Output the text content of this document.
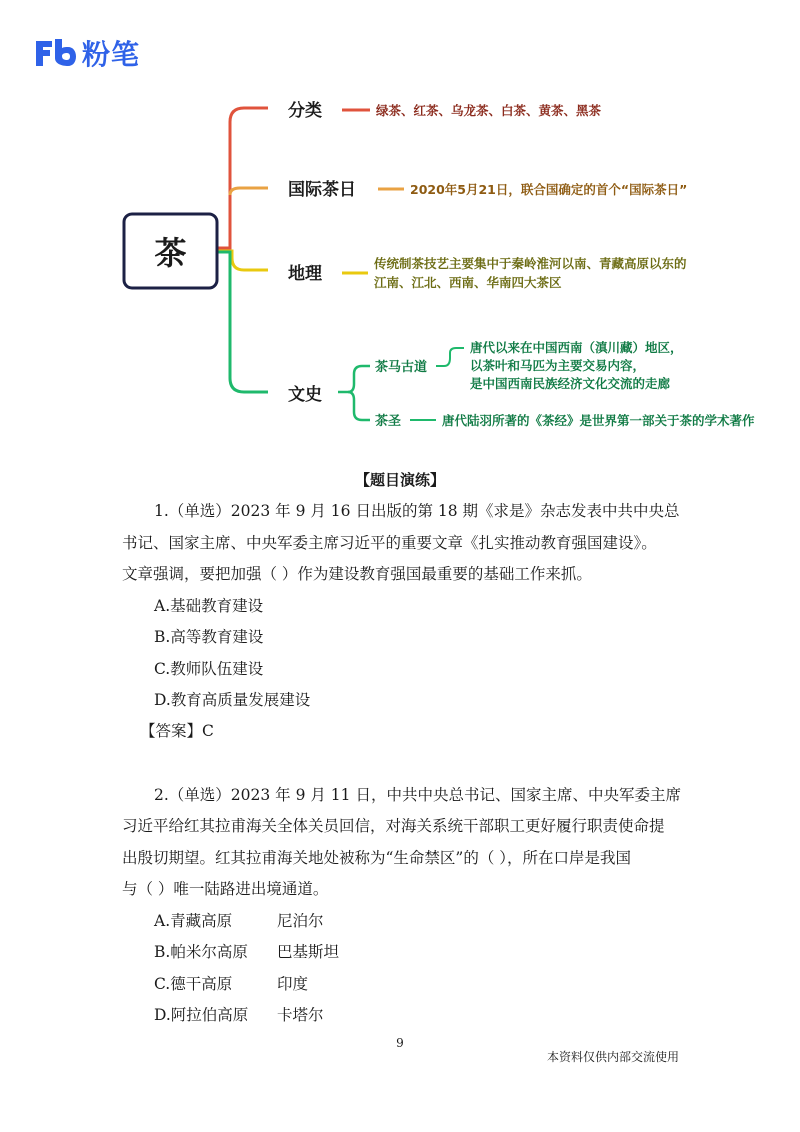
粉笔
茶
分类	绿茶、红茶、乌龙茶、白茶、黄茶、黑茶
国际茶日	2020年5月21日，联合国确定的首个“国际茶日”
地理
传统制茶技艺主要集中于秦岭淮河以南、青藏高原以东的
江南、江北、西南、华南四大茶区
文史
茶马古道
唐代以来在中国西南（滇川藏）地区，
以茶叶和马匹为主要交易内容，
是中国西南民族经济文化交流的走廊
茶圣	唐代陆羽所著的《茶经》是世界第一部关于茶的学术著作
【题目演练】
1.（单选）2023 年 9 月 16 日出版的第 18 期《求是》杂志发表中共中央总
书记、国家主席、中央军委主席习近平的重要文章《扎实推动教育强国建设》。
文章强调，要把加强（ ）作为建设教育强国最重要的基础工作来抓。
A.基础教育建设
B.高等教育建设
C.教师队伍建设
D.教育高质量发展建设
【答案】C
2.（单选）2023 年 9 月 11 日，中共中央总书记、国家主席、中央军委主席
习近平给红其拉甫海关全体关员回信，对海关系统干部职工更好履行职责使命提
出殷切期望。红其拉甫海关地处被称为“生命禁区”的（ ），所在口岸是我国
与（ ）唯一陆路进出境通道。
A.青藏高原	尼泊尔
B.帕米尔高原 巴基斯坦
C.德干高原	印度
D.阿拉伯高原 卡塔尔
9
本资料仅供内部交流使用
